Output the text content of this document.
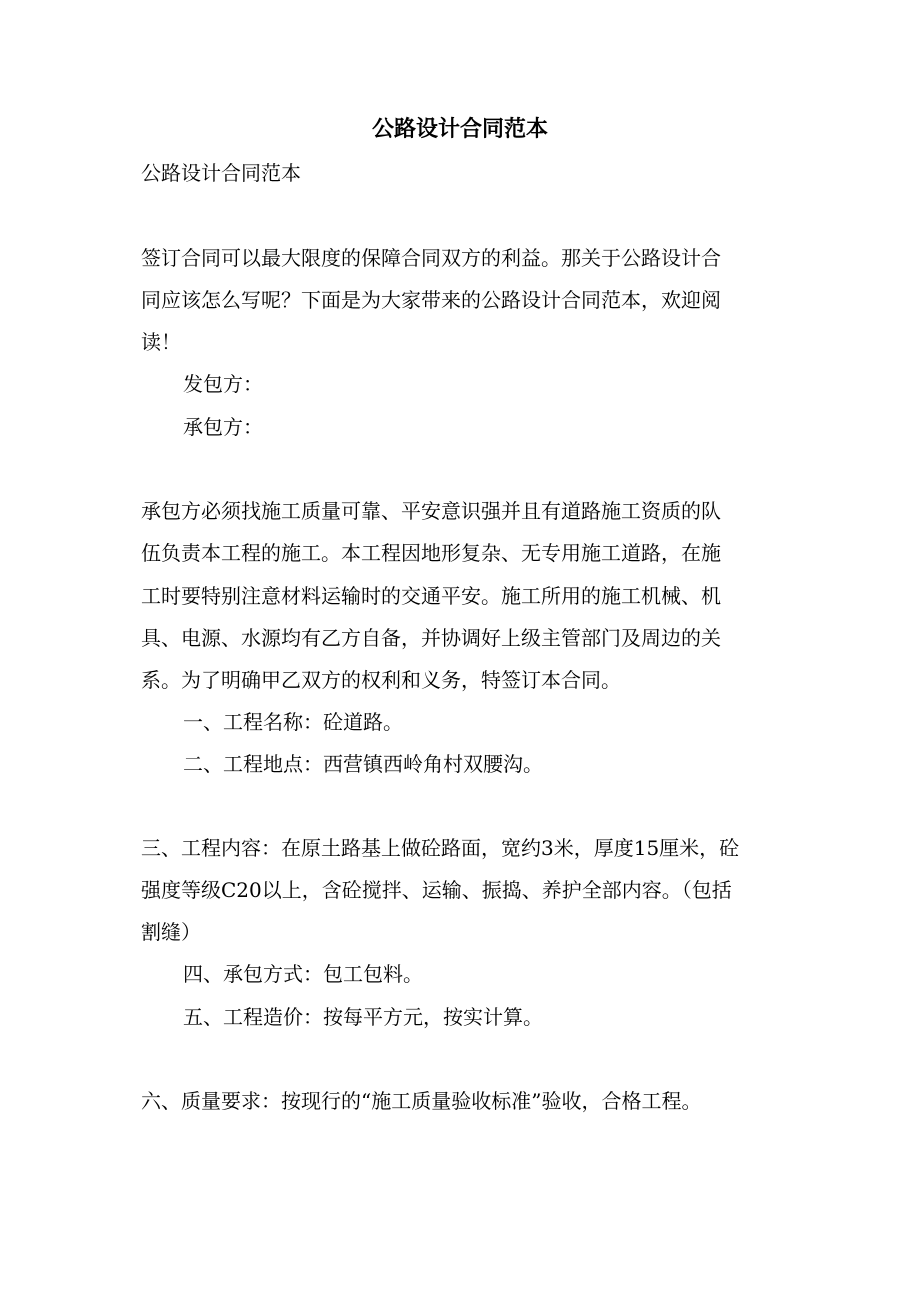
公路设计合同范本

公路设计合同范本

签订合同可以最大限度的保障合同双方的利益。那关于公路设计合

同应该怎么写呢？下面是为大家带来的公路设计合同范本，欢迎阅

读！

发包方：

承包方：

承包方必须找施工质量可靠、平安意识强并且有道路施工资质的队

伍负责本工程的施工。本工程因地形复杂、无专用施工道路，在施

工时要特别注意材料运输时的交通平安。施工所用的施工机械、机

具、电源、水源均有乙方自备，并协调好上级主管部门及周边的关

系。为了明确甲乙双方的权利和义务，特签订本合同。

一、工程名称：砼道路。

二、工程地点：西营镇西岭角村双腰沟。

三、工程内容：在原土路基上做砼路面，宽约3米，厚度15厘米，砼

强度等级C20以上，含砼搅拌、运输、振捣、养护全部内容。（包括

割缝）

四、承包方式：包工包料。

五、工程造价：按每平方元，按实计算。

六、质量要求：按现行的“施工质量验收标准”验收，合格工程。
